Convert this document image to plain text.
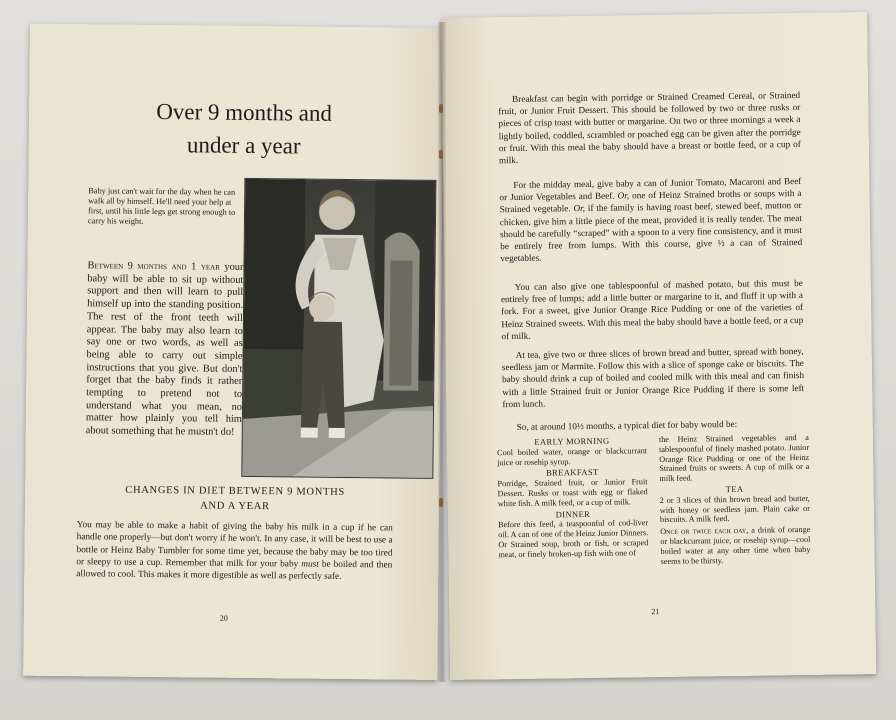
Over 9 months and
under a year
Baby just can't wait for the day when he can walk all by himself. He'll need your help at first, until his little legs get strong enough to carry his weight.
Between 9 months and 1 year your baby will be able to sit up without support and then will learn to pull himself up into the standing position. The rest of the front teeth will appear. The baby may also learn to say one or two words, as well as being able to carry out simple instructions that you give. But don't forget that the baby finds it rather tempting to pretend not to understand what you mean, no matter how plainly you tell him about something that he mustn't do!
CHANGES IN DIET BETWEEN 9 MONTHS
AND A YEAR
You may be able to make a habit of giving the baby his milk in a cup if he can handle one properly—but don't worry if he won't. In any case, it will be best to use a bottle or Heinz Baby Tumbler for some time yet, because the baby may be too tired or sleepy to use a cup. Remember that milk for your baby must be boiled and then allowed to cool. This makes it more digestible as well as perfectly safe.
20
Breakfast can begin with porridge or Strained Creamed Cereal, or Strained fruit, or Junior Fruit Dessert. This should be followed by two or three rusks or pieces of crisp toast with butter or margarine. On two or three mornings a week a lightly boiled, coddled, scrambled or poached egg can be given after the porridge or fruit. With this meal the baby should have a breast or bottle feed, or a cup of milk.
For the midday meal, give baby a can of Junior Tomato, Macaroni and Beef or Junior Vegetables and Beef. Or, one of Heinz Strained broths or soups with a Strained vegetable. Or, if the family is having roast beef, stewed beef, mutton or chicken, give him a little piece of the meat, provided it is really tender. The meat should be carefully “scraped” with a spoon to a very fine consistency, and it must be entirely free from lumps. With this course, give ½ a can of Strained vegetables.
You can also give one tablespoonful of mashed potato, but this must be entirely free of lumps; add a little butter or margarine to it, and fluff it up with a fork. For a sweet, give Junior Orange Rice Pudding or one of the varieties of Heinz Strained sweets. With this meal the baby should have a bottle feed, or a cup of milk.
At tea, give two or three slices of brown bread and butter, spread with honey, seedless jam or Marmite. Follow this with a slice of sponge cake or biscuits. The baby should drink a cup of boiled and cooled milk with this meal and can finish with a little Strained fruit or Junior Orange Rice Pudding if there is some left from lunch.
So, at around 10½ months, a typical diet for baby would be:
EARLY MORNING

Cool boiled water, orange or blackcurrant juice or rosehip syrup.

BREAKFAST

Porridge, Strained fruit, or Junior Fruit Dessert. Rusks or toast with egg or flaked white fish. A milk feed, or a cup of milk.

DINNER

Before this feed, a teaspoonful of cod-liver oil. A can of one of the Heinz Junior Dinners. Or Strained soup, broth or fish, or scraped meat, or finely broken-up fish with one of

the Heinz Strained vegetables and a tablespoonful of finely mashed potato. Junior Orange Rice Pudding or one of the Heinz Strained fruits or sweets. A cup of milk or a milk feed.

TEA

2 or 3 slices of thin brown bread and butter, with honey or seedless jam. Plain cake or biscuits. A milk feed.

Once or twice each day, a drink of orange or blackcurrant juice, or rosehip syrup—cool boiled water at any other time when baby seems to be thirsty.

21
